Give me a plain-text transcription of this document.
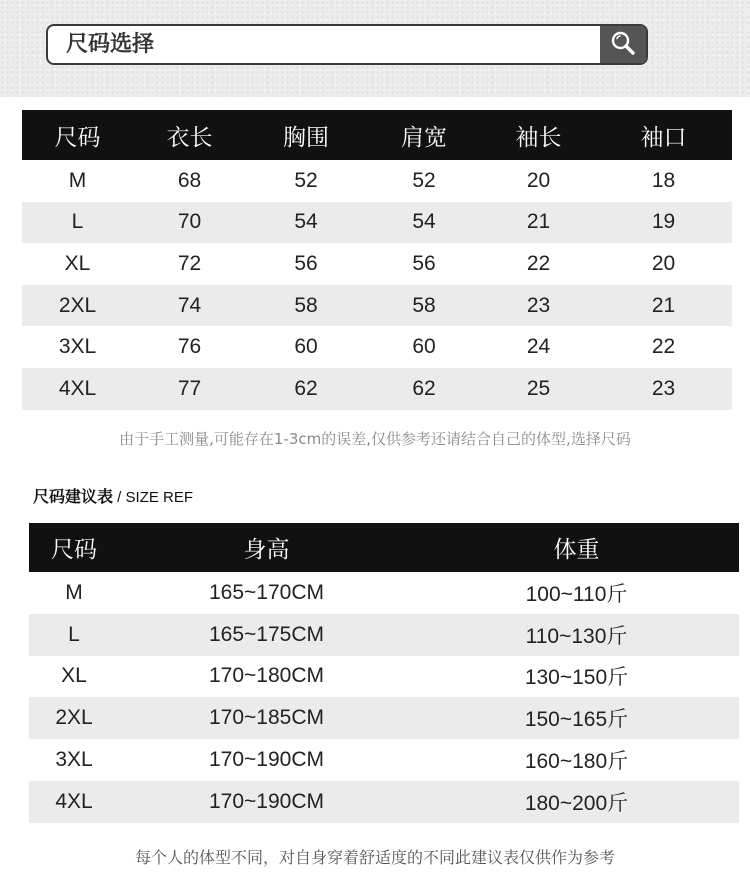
尺码选择
尺码	衣长	胸围	肩宽	袖长	袖口
M	68	52	52	20	18
L	70	54	54	21	19
XL	72	56	56	22	20
2XL	74	58	58	23	21
3XL	76	60	60	24	22
4XL	77	62	62	25	23
由于手工测量,可能存在1-3cm的误差,仅供参考还请结合自己的体型,选择尺码
尺码建议表 / SIZE REF
尺码	身高	体重
M	165~170CM	100~110斤
L	165~175CM	110~130斤
XL	170~180CM	130~150斤
2XL	170~185CM	150~165斤
3XL	170~190CM	160~180斤
4XL	170~190CM	180~200斤
每个人的体型不同，对自身穿着舒适度的不同此建议表仅供作为参考
